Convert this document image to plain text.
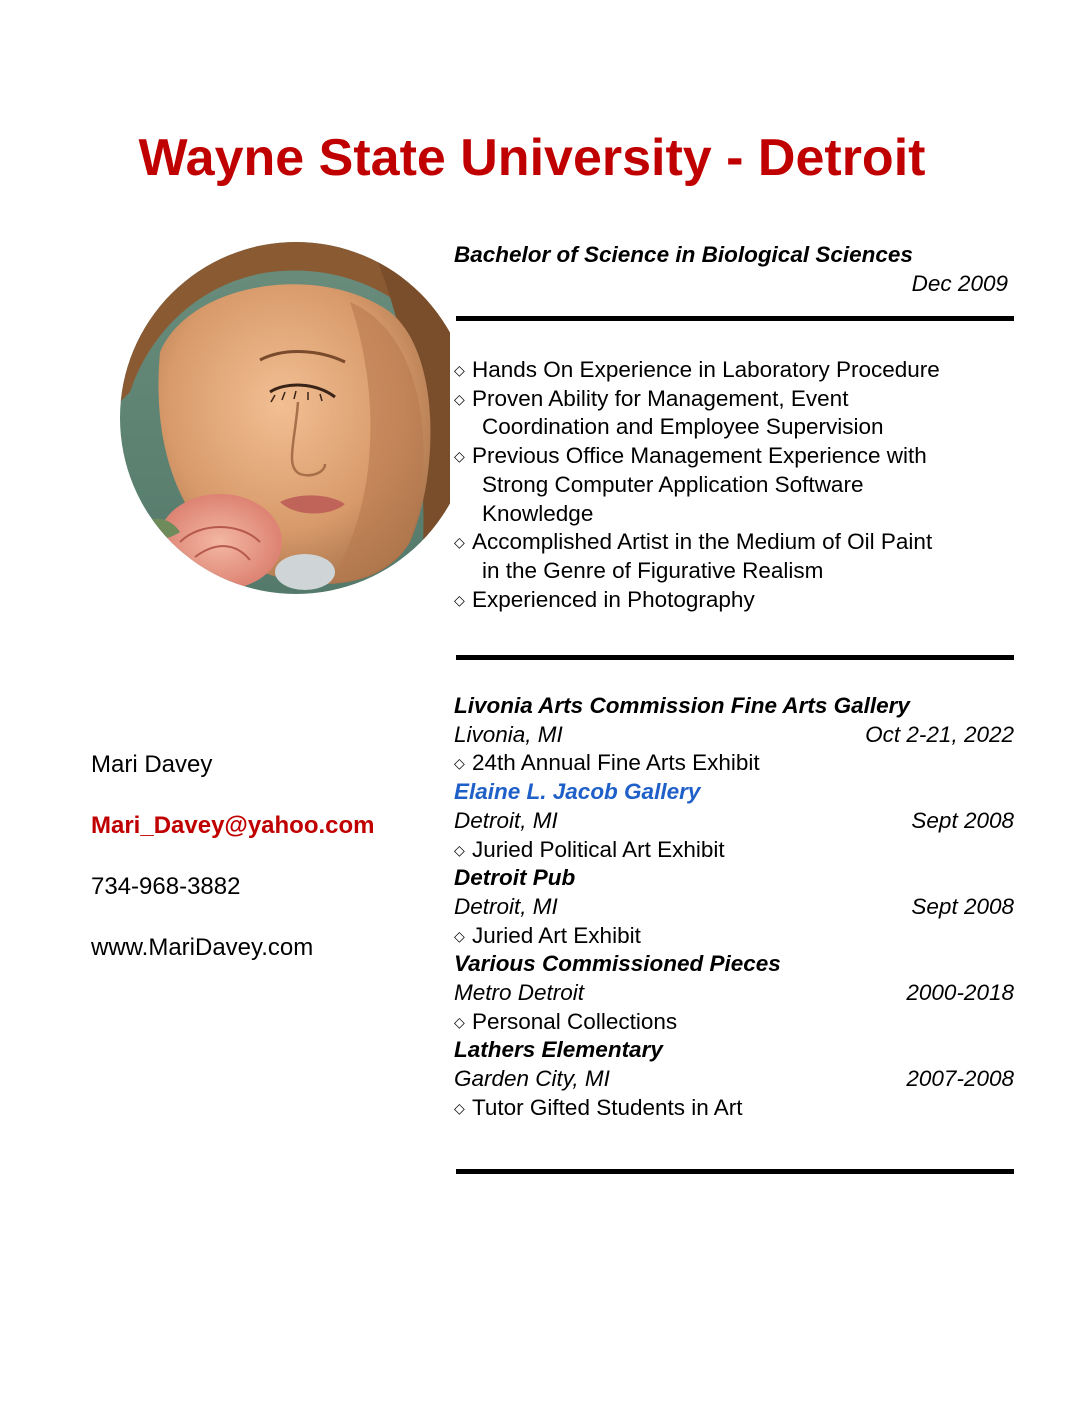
Wayne State University - Detroit
Bachelor of Science in Biological Sciences
Dec 2009
◇ Hands On Experience in Laboratory Procedure
◇ Proven Ability for Management, Event
Coordination and Employee Supervision
◇ Previous Office Management Experience with
Strong Computer Application Software
Knowledge
◇ Accomplished Artist in the Medium of Oil Paint
in the Genre of Figurative Realism
◇ Experienced in Photography
Livonia Arts Commission Fine Arts Gallery
Livonia, MI	Oct 2-21, 2022
◇ 24th Annual Fine Arts Exhibit
Elaine L. Jacob Gallery
Detroit, MI	Sept 2008
◇ Juried Political Art Exhibit
Detroit Pub
Detroit, MI	Sept 2008
◇ Juried Art Exhibit
Various Commissioned Pieces
Metro Detroit	2000-2018
◇ Personal Collections
Lathers Elementary
Garden City, MI	2007-2008
◇ Tutor Gifted Students in Art
Mari Davey
Mari_Davey@yahoo.com
734-968-3882
www.MariDavey.com
